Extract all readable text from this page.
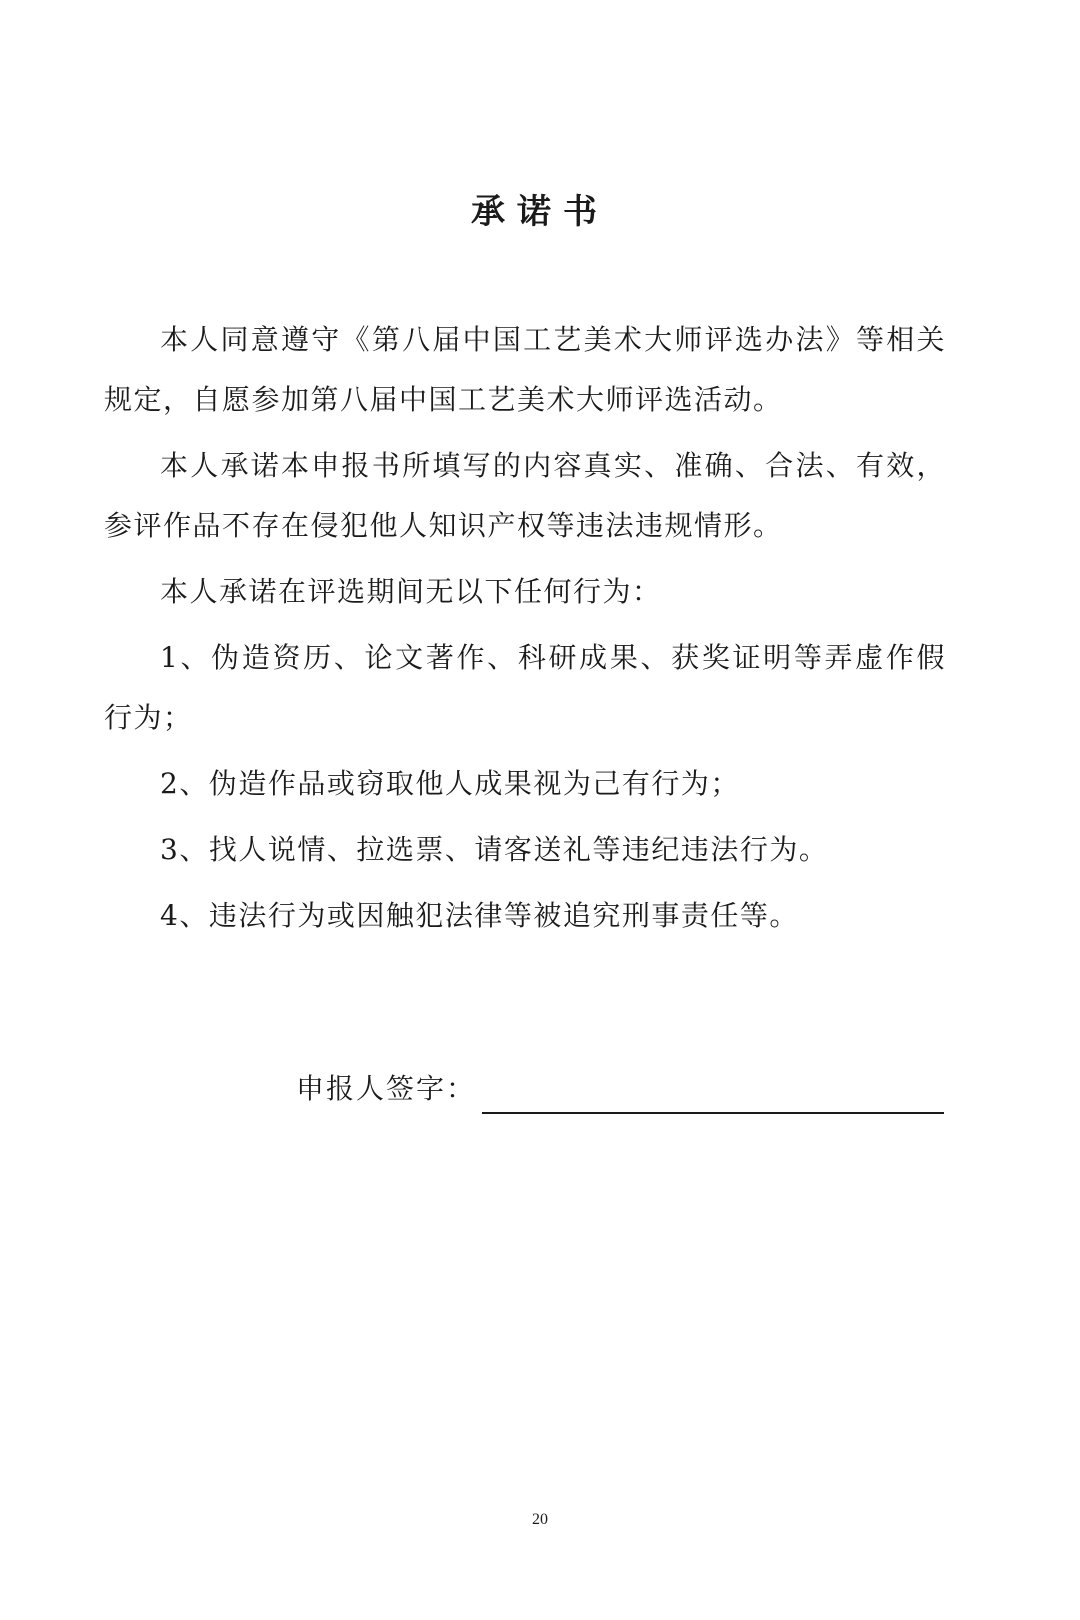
承诺书

本人同意遵守《第八届中国工艺美术大师评选办法》等相关规定，自愿参加第八届中国工艺美术大师评选活动。

本人承诺本申报书所填写的内容真实、准确、合法、有效，参评作品不存在侵犯他人知识产权等违法违规情形。

本人承诺在评选期间无以下任何行为：

1、伪造资历、论文著作、科研成果、获奖证明等弄虚作假行为；

2、伪造作品或窃取他人成果视为己有行为；

3、找人说情、拉选票、请客送礼等违纪违法行为。

4、违法行为或因触犯法律等被追究刑事责任等。

申报人签字：
20
